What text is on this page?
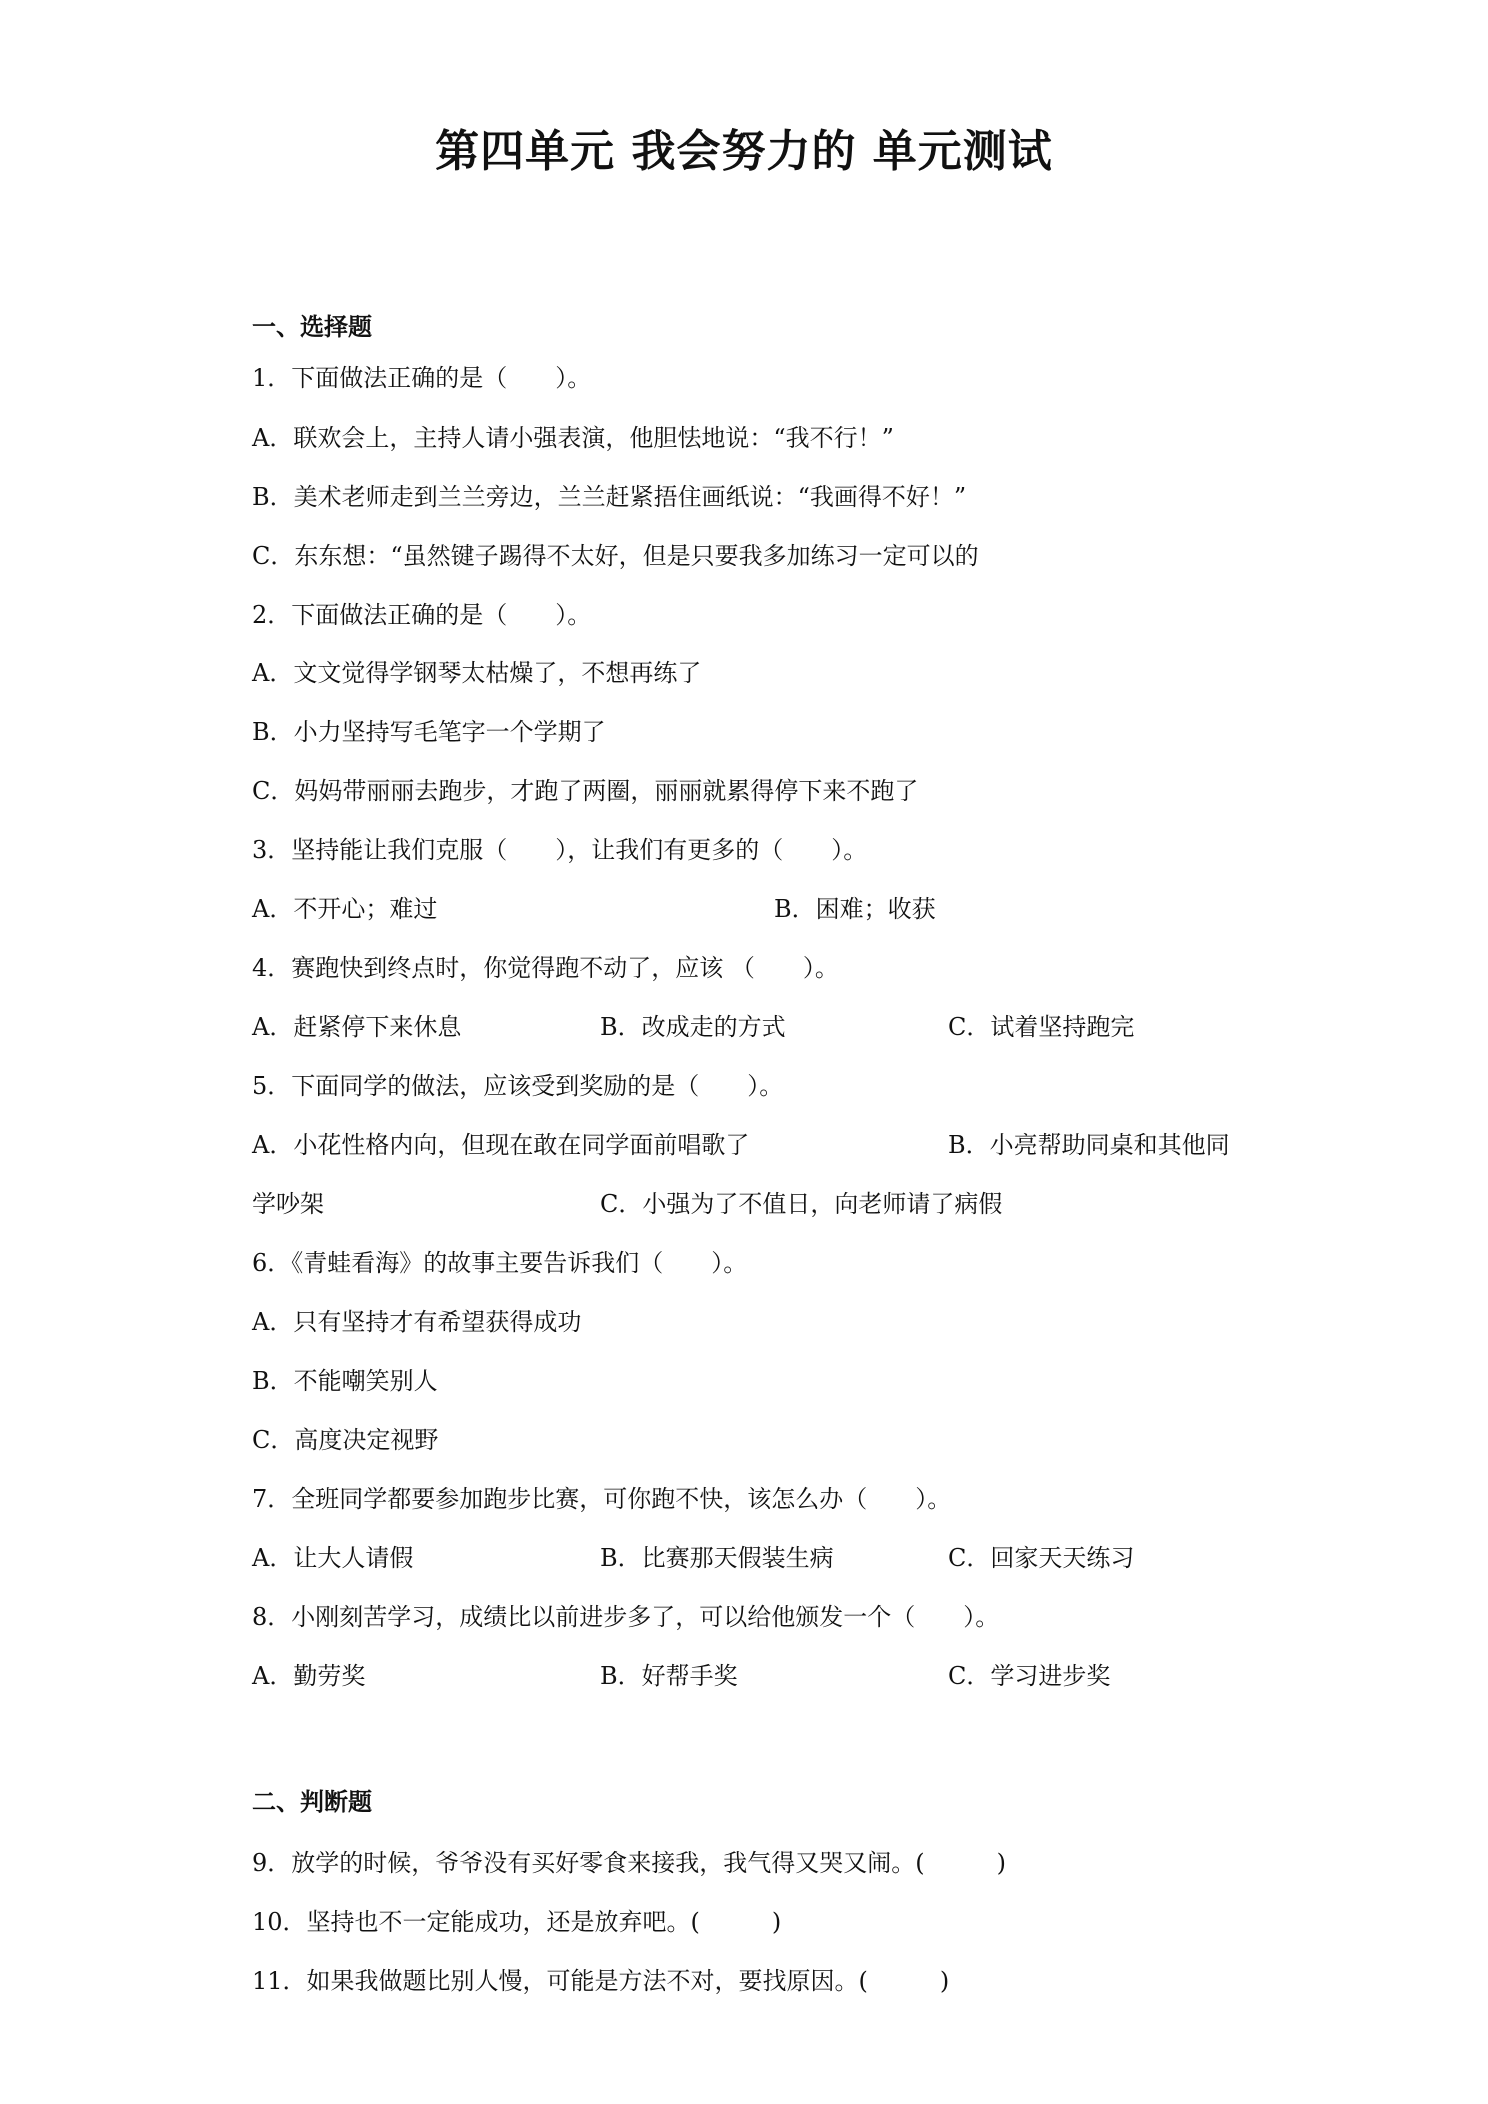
第四单元 我会努力的 单元测试
一、选择题
1．下面做法正确的是（　　）。
A．联欢会上，主持人请小强表演，他胆怯地说：“我不行！”
B．美术老师走到兰兰旁边，兰兰赶紧捂住画纸说：“我画得不好！”
C．东东想：“虽然键子踢得不太好，但是只要我多加练习一定可以的
2．下面做法正确的是（　　）。
A．文文觉得学钢琴太枯燥了，不想再练了
B．小力坚持写毛笔字一个学期了
C．妈妈带丽丽去跑步，才跑了两圈，丽丽就累得停下来不跑了
3．坚持能让我们克服（　　），让我们有更多的（　　）。
A．不开心；难过	B．困难；收获
4．赛跑快到终点时，你觉得跑不动了，应该 （　　）。
A．赶紧停下来休息	B．改成走的方式	C．试着坚持跑完
5．下面同学的做法，应该受到奖励的是（　　）。
A．小花性格内向，但现在敢在同学面前唱歌了	B．小亮帮助同桌和其他同
学吵架	C．小强为了不值日，向老师请了病假
6．《青蛙看海》的故事主要告诉我们（　　）。
A．只有坚持才有希望获得成功
B．不能嘲笑别人
C．高度决定视野
7．全班同学都要参加跑步比赛，可你跑不快，该怎么办（　　）。
A．让大人请假	B．比赛那天假装生病	C．回家天天练习
8．小刚刻苦学习，成绩比以前进步多了，可以给他颁发一个（　　）。
A．勤劳奖	B．好帮手奖	C．学习进步奖
二、判断题
9．放学的时候，爷爷没有买好零食来接我，我气得又哭又闹。(　　　)
10．坚持也不一定能成功，还是放弃吧。(　　　)
11．如果我做题比别人慢，可能是方法不对，要找原因。(　　　)
